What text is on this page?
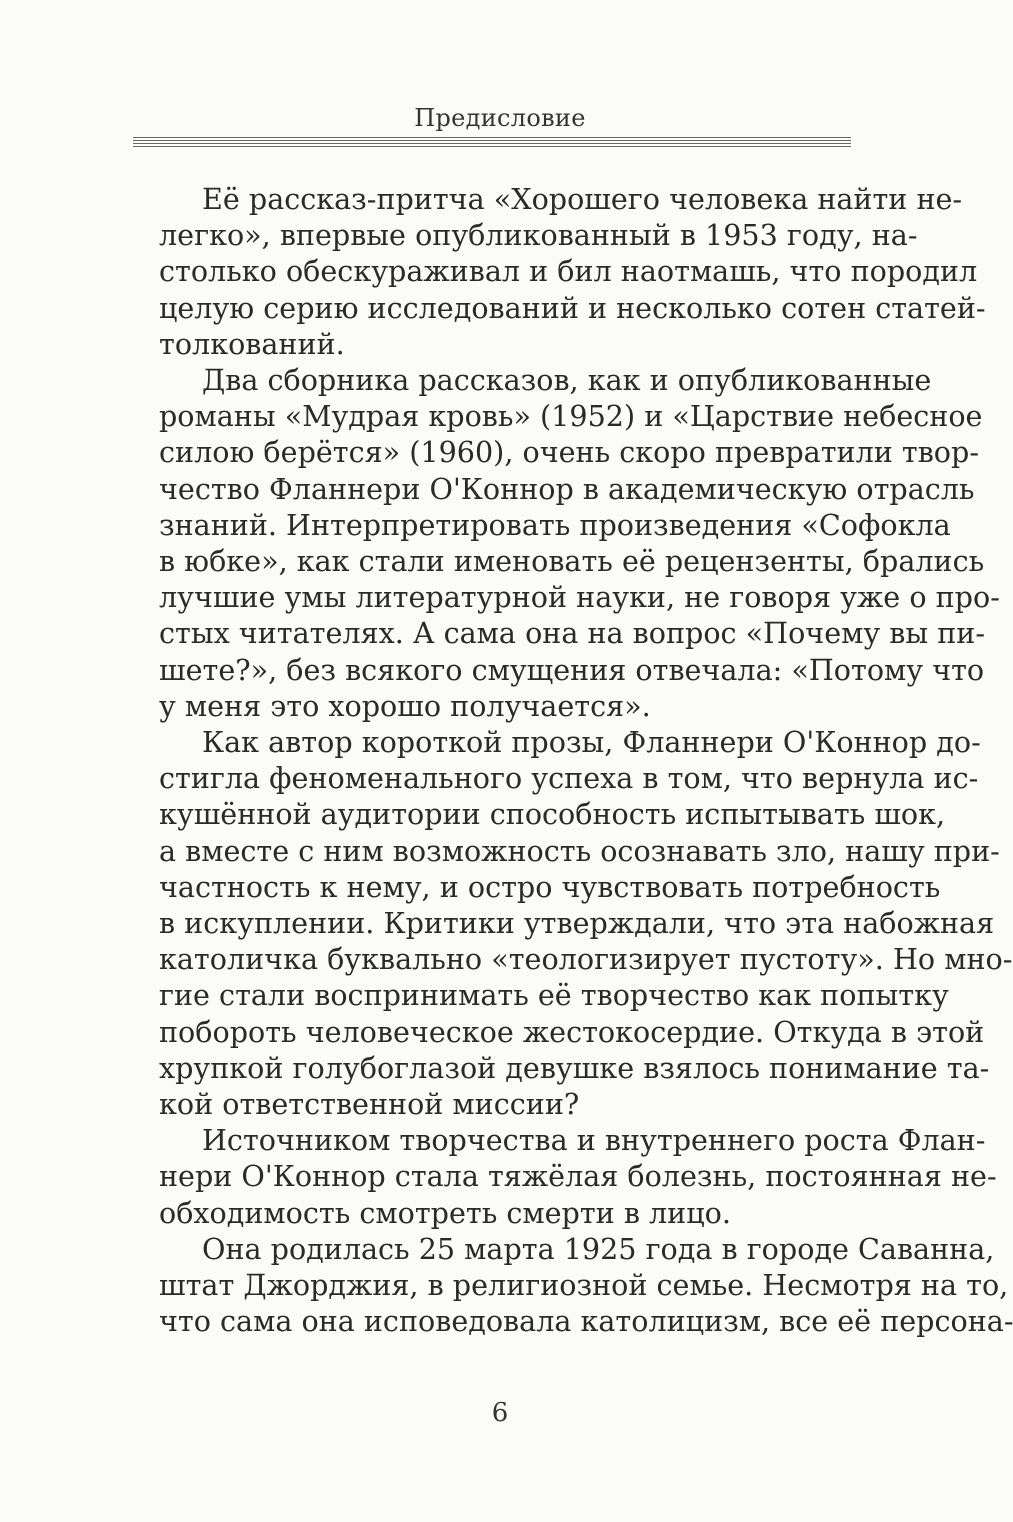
Предисловие
Её рассказ-притча «Хорошего человека найти не-
легко», впервые опубликованный в 1953 году, на-
столько обескураживал и бил наотмашь, что породил
целую серию исследований и несколько сотен статей-
толкований.
Два сборника рассказов, как и опубликованные
романы «Мудрая кровь» (1952) и «Царствие небесное
силою берётся» (1960), очень скоро превратили твор-
чество Фланнери О'Коннор в академическую отрасль
знаний. Интерпретировать произведения «Софокла
в юбке», как стали именовать её рецензенты, брались
лучшие умы литературной науки, не говоря уже о про-
стых читателях. А сама она на вопрос «Почему вы пи-
шете?», без всякого смущения отвечала: «Потому что
у меня это хорошо получается».
Как автор короткой прозы, Фланнери О'Коннор до-
стигла феноменального успеха в том, что вернула ис-
кушённой аудитории способность испытывать шок,
а вместе с ним возможность осознавать зло, нашу при-
частность к нему, и остро чувствовать потребность
в искуплении. Критики утверждали, что эта набожная
католичка буквально «теологизирует пустоту». Но мно-
гие стали воспринимать её творчество как попытку
побороть человеческое жестокосердие. Откуда в этой
хрупкой голубоглазой девушке взялось понимание та-
кой ответственной миссии?
Источником творчества и внутреннего роста Флан-
нери О'Коннор стала тяжёлая болезнь, постоянная не-
обходимость смотреть смерти в лицо.
Она родилась 25 марта 1925 года в городе Саванна,
штат Джорджия, в религиозной семье. Несмотря на то,
что сама она исповедовала католицизм, все её персона-
6
